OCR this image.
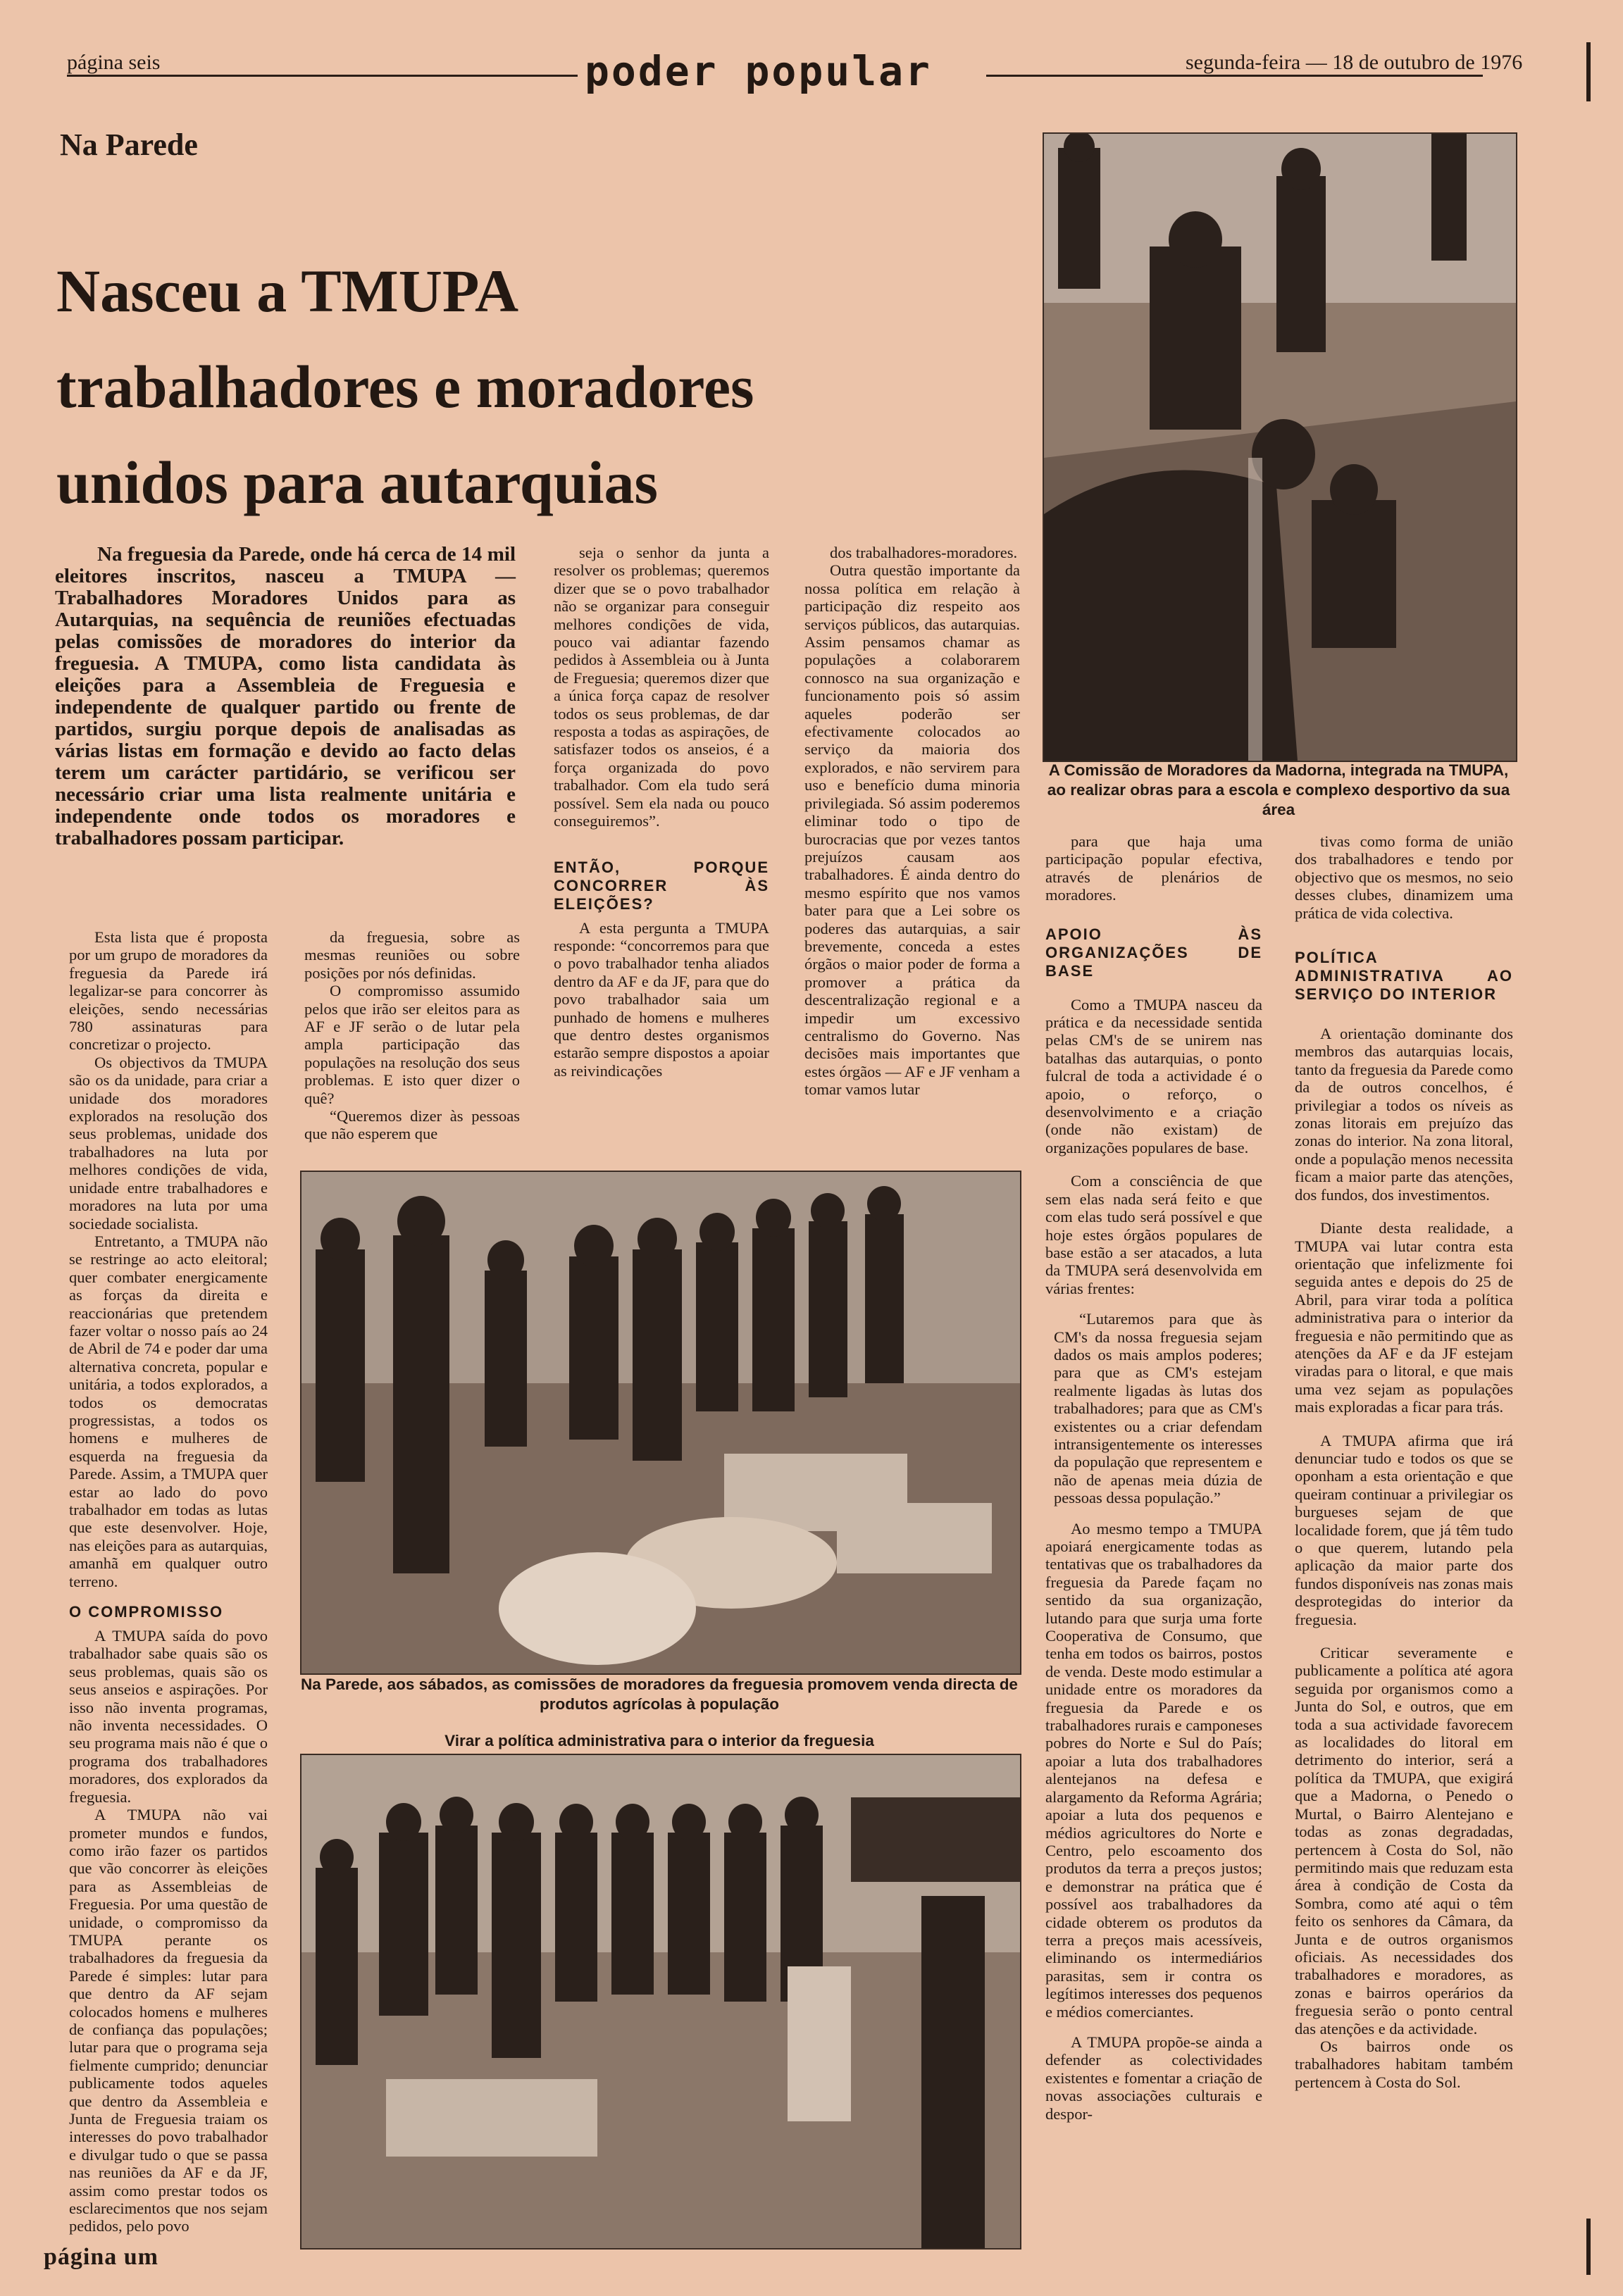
página seis	poder popular	segunda-feira — 18 de outubro de 1976
Na Parede
Nasceu a TMUPA
trabalhadores e moradores
unidos para autarquias

Na freguesia da Parede, onde há cerca de 14 mil eleitores inscritos, nasceu a TMUPA — Trabalhadores Moradores Unidos para as Autarquias, na sequência de reuniões efectuadas pelas comissões de moradores do interior da freguesia. A TMUPA, como lista candidata às eleições para a Assembleia de Freguesia e independente de qualquer partido ou frente de partidos, surgiu porque depois de analisadas as várias listas em formação e devido ao facto delas terem um carácter partidário, se verificou ser necessário criar uma lista realmente unitária e independente onde todos os moradores e trabalhadores possam participar.

Esta lista que é proposta por um grupo de moradores da freguesia da Parede irá legalizar-se para concorrer às eleições, sendo necessárias 780 assinaturas para concretizar o projecto.

Os objectivos da TMUPA são os da unidade, para criar a unidade dos moradores explorados na resolução dos seus problemas, unidade dos trabalhadores na luta por melhores condições de vida, unidade entre trabalhadores e moradores na luta por uma sociedade socialista.

Entretanto, a TMUPA não se restringe ao acto eleitoral; quer combater energicamente as forças da direita e reaccionárias que pretendem fazer voltar o nosso país ao 24 de Abril de 74 e poder dar uma alternativa concreta, popular e unitária, a todos explorados, a todos os democratas progressistas, a todos os homens e mulheres de esquerda na freguesia da Parede. Assim, a TMUPA quer estar ao lado do povo trabalhador em todas as lutas que este desenvolver. Hoje, nas eleições para as autarquias, amanhã em qualquer outro terreno.

O COMPROMISSO

A TMUPA saída do povo trabalhador sabe quais são os seus problemas, quais são os seus anseios e aspirações. Por isso não inventa programas, não inventa necessidades. O seu programa mais não é que o programa dos trabalhadores moradores, dos explorados da freguesia.

A TMUPA não vai prometer mundos e fundos, como irão fazer os partidos que vão concorrer às eleições para as Assembleias de Freguesia. Por uma questão de unidade, o compromisso da TMUPA perante os trabalhadores da freguesia da Parede é simples: lutar para que dentro da AF sejam colocados homens e mulheres de confiança das populações; lutar para que o programa seja fielmente cumprido; denunciar publicamente todos aqueles que dentro da Assembleia e Junta de Freguesia traiam os interesses do povo trabalhador e divulgar tudo o que se passa nas reuniões da AF e da JF, assim como prestar todos os esclarecimentos que nos sejam pedidos, pelo povo

da freguesia, sobre as mesmas reuniões ou sobre posições por nós definidas.

O compromisso assumido pelos que irão ser eleitos para as AF e JF serão o de lutar pela ampla participação das populações na resolução dos seus problemas. E isto quer dizer o quê?

“Queremos dizer às pessoas que não esperem que

seja o senhor da junta a resolver os problemas; queremos dizer que se o povo trabalhador não se organizar para conseguir melhores condições de vida, pouco vai adiantar fazendo pedidos à Assembleia ou à Junta de Freguesia; queremos dizer que a única força capaz de resolver todos os seus problemas, de dar resposta a todas as aspirações, de satisfazer todos os anseios, é a força organizada do povo trabalhador. Com ela tudo será possível. Sem ela nada ou pouco conseguiremos”.

ENTÃO, PORQUE CONCORRER ÀS ELEIÇÕES?

A esta pergunta a TMUPA responde: “concorremos para que o povo trabalhador tenha aliados dentro da AF e da JF, para que do povo trabalhador saia um punhado de homens e mulheres que dentro destes organismos estarão sempre dispostos a apoiar as reivindicações

dos trabalhadores-moradores.

Outra questão importante da nossa política em relação à participação diz respeito aos serviços públicos, das autarquias. Assim pensamos chamar as populações a colaborarem connosco na sua organização e funcionamento pois só assim aqueles poderão ser efectivamente colocados ao serviço da maioria dos explorados, e não servirem para uso e benefício duma minoria privilegiada. Só assim poderemos eliminar todo o tipo de burocracias que por vezes tantos prejuízos causam aos trabalhadores. É ainda dentro do mesmo espírito que nos vamos bater para que a Lei sobre os poderes das autarquias, a sair brevemente, conceda a estes órgãos o maior poder de forma a promover a prática da descentralização regional e a impedir um excessivo centralismo do Governo. Nas decisões mais importantes que estes órgãos — AF e JF venham a tomar vamos lutar

A Comissão de Moradores da Madorna, integrada na TMUPA, ao realizar obras para a escola e complexo desportivo da sua área

para que haja uma participação popular efectiva, através de plenários de moradores.

APOIO ÀS ORGANIZAÇÕES DE BASE

Como a TMUPA nasceu da prática e da necessidade sentida pelas CM's de se unirem nas batalhas das autarquias, o ponto fulcral de toda a actividade é o apoio, o reforço, o desenvolvimento e a criação (onde não existam) de organizações populares de base.

Com a consciência de que sem elas nada será feito e que com elas tudo será possível e que hoje estes órgãos populares de base estão a ser atacados, a luta da TMUPA será desenvolvida em várias frentes:

“Lutaremos para que às CM's da nossa freguesia sejam dados os mais amplos poderes; para que as CM's estejam realmente ligadas às lutas dos trabalhadores; para que as CM's existentes ou a criar defendam intransigentemente os interesses da população que representem e não de apenas meia dúzia de pessoas dessa população.”

Ao mesmo tempo a TMUPA apoiará energicamente todas as tentativas que os trabalhadores da freguesia da Parede façam no sentido da sua organização, lutando para que surja uma forte Cooperativa de Consumo, que tenha em todos os bairros, postos de venda. Deste modo estimular a unidade entre os moradores da freguesia da Parede e os trabalhadores rurais e camponeses pobres do Norte e Sul do País; apoiar a luta dos trabalhadores alentejanos na defesa e alargamento da Reforma Agrária; apoiar a luta dos pequenos e médios agricultores do Norte e Centro, pelo escoamento dos produtos da terra a preços justos; e demonstrar na prática que é possível aos trabalhadores da cidade obterem os produtos da terra a preços mais acessíveis, eliminando os intermediários parasitas, sem ir contra os legítimos interesses dos pequenos e médios comerciantes.

A TMUPA propõe-se ainda a defender as colectividades existentes e fomentar a criação de novas associações culturais e despor-

tivas como forma de união dos trabalhadores e tendo por objectivo que os mesmos, no seio desses clubes, dinamizem uma prática de vida colectiva.

POLÍTICA ADMINISTRATIVA AO SERVIÇO DO INTERIOR

A orientação dominante dos membros das autarquias locais, tanto da freguesia da Parede como da de outros concelhos, é privilegiar a todos os níveis as zonas litorais em prejuízo das zonas do interior. Na zona litoral, onde a população menos necessita ficam a maior parte das atenções, dos fundos, dos investimentos.

Diante desta realidade, a TMUPA vai lutar contra esta orientação que infelizmente foi seguida antes e depois do 25 de Abril, para virar toda a política administrativa para o interior da freguesia e não permitindo que as atenções da AF e da JF estejam viradas para o litoral, e que mais uma vez sejam as populações mais exploradas a ficar para trás.

A TMUPA afirma que irá denunciar tudo e todos os que se oponham a esta orientação e que queiram continuar a privilegiar os burgueses sejam de que localidade forem, que já têm tudo o que querem, lutando pela aplicação da maior parte dos fundos disponíveis nas zonas mais desprotegidas do interior da freguesia.

Criticar severamente e publicamente a política até agora seguida por organismos como a Junta do Sol, e outros, que em toda a sua actividade favorecem as localidades do litoral em detrimento do interior, será a política da TMUPA, que exigirá que a Madorna, o Penedo o Murtal, o Bairro Alentejano e todas as zonas degradadas, pertencem à Costa do Sol, não permitindo mais que reduzam esta área à condição de Costa da Sombra, como até aqui o têm feito os senhores da Câmara, da Junta e de outros organismos oficiais. As necessidades dos trabalhadores e moradores, as zonas e bairros operários da freguesia serão o ponto central das atenções e da actividade.

Os bairros onde os trabalhadores habitam também pertencem à Costa do Sol.

Na Parede, aos sábados, as comissões de moradores da freguesia promovem venda directa de produtos agrícolas à população
Virar a política administrativa para o interior da freguesia
página um
